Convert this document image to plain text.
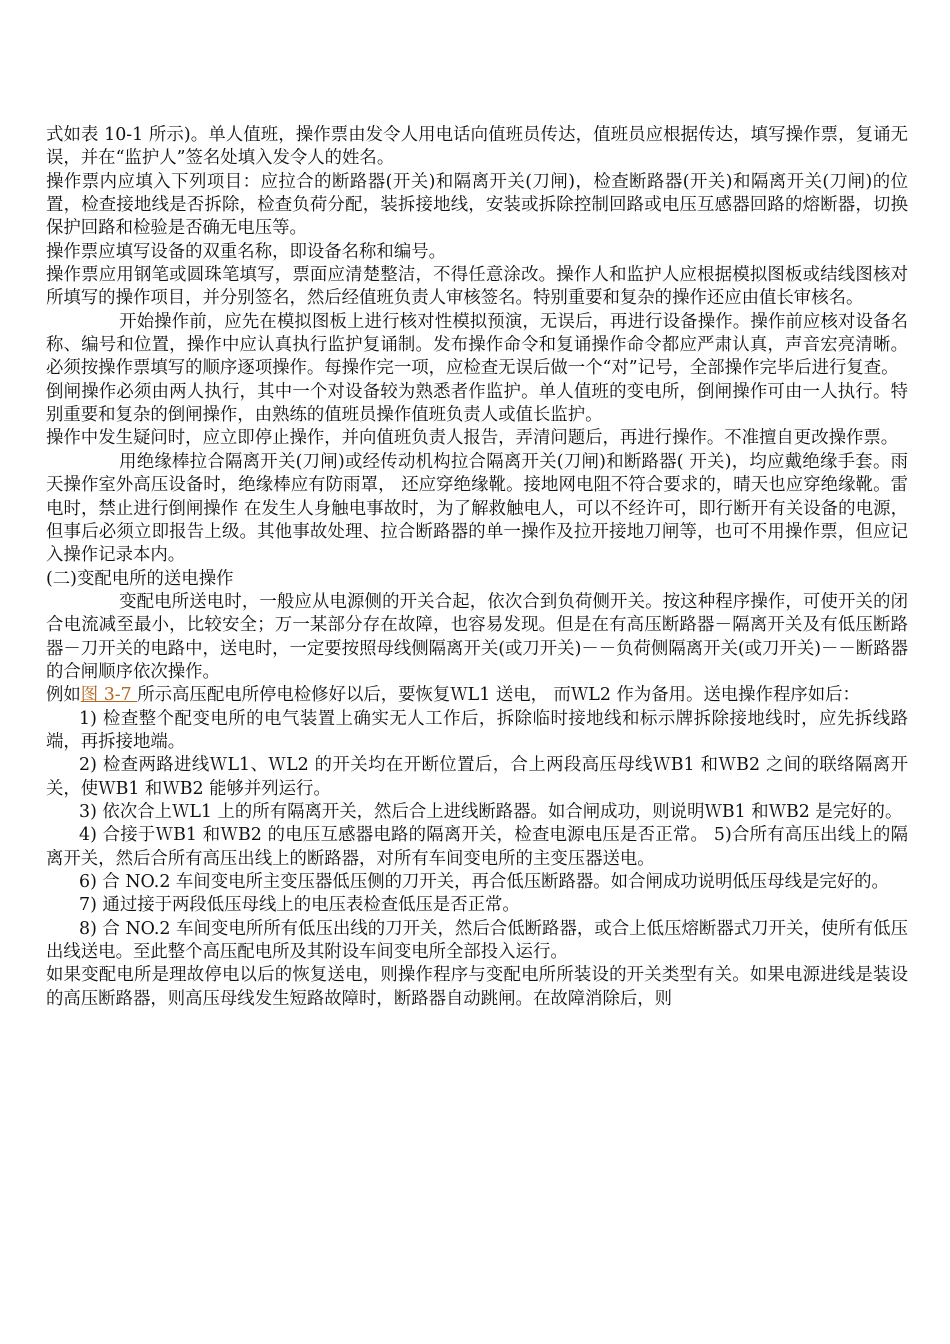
式如表 10-1 所示)。单人值班，操作票由发令人用电话向值班员传达，值班员应根据传达，填写操作票，复诵无误，并在“监护人”签名处填入发令人的姓名。

操作票内应填入下列项目：应拉合的断路器(开关)和隔离开关(刀闸)，检查断路器(开关)和隔离开关(刀闸)的位置，检查接地线是否拆除，检查负荷分配，装拆接地线，安装或拆除控制回路或电压互感器回路的熔断器，切换保护回路和检验是否确无电压等。

操作票应填写设备的双重名称，即设备名称和编号。

操作票应用钢笔或圆珠笔填写，票面应清楚整洁，不得任意涂改。操作人和监护人应根据模拟图板或结线图核对所填写的操作项目，并分别签名，然后经值班负责人审核签名。特别重要和复杂的操作还应由值长审核名。

开始操作前，应先在模拟图板上进行核对性模拟预演，无误后，再进行设备操作。操作前应核对设备名称、编号和位置，操作中应认真执行监护复诵制。发布操作命令和复诵操作命令都应严肃认真，声音宏亮清晰。必须按操作票填写的顺序逐项操作。每操作完一项，应检查无误后做一个“对”记号，全部操作完毕后进行复查。

倒闸操作必须由两人执行，其中一个对设备较为熟悉者作监护。单人值班的变电所，倒闸操作可由一人执行。特别重要和复杂的倒闸操作，由熟练的值班员操作值班负责人或值长监护。

操作中发生疑问时，应立即停止操作，并向值班负责人报告，弄清问题后，再进行操作。不准擅自更改操作票。

用绝缘棒拉合隔离开关(刀闸)或经传动机构拉合隔离开关(刀闸)和断路器( 开关)，均应戴绝缘手套。雨天操作室外高压设备时，绝缘棒应有防雨罩， 还应穿绝缘靴。接地网电阻不符合要求的，晴天也应穿绝缘靴。雷电时，禁止进行倒闸操作 在发生人身触电事故时，为了解救触电人，可以不经许可，即行断开有关设备的电源，但事后必须立即报告上级。其他事故处理、拉合断路器的单一操作及拉开接地刀闸等，也可不用操作票，但应记入操作记录本内。

(二)变配电所的送电操作

变配电所送电时，一般应从电源侧的开关合起，依次合到负荷侧开关。按这种程序操作，可使开关的闭合电流减至最小，比较安全；万一某部分存在故障，也容易发现。但是在有高压断路器－隔离开关及有低压断路器－刀开关的电路中，送电时，一定要按照母线侧隔离开关(或刀开关)－－负荷侧隔离开关(或刀开关)－－断路器的合闸顺序依次操作。

例如图 3-7 所示高压配电所停电检修好以后，要恢复ＷL1 送电， 而ＷL2 作为备用。送电操作程序如后：

1) 检查整个配变电所的电气装置上确实无人工作后，拆除临时接地线和标示牌拆除接地线时，应先拆线路端，再拆接地端。

2) 检查两路进线ＷL1、ＷL2 的开关均在开断位置后，合上两段高压母线ＷB1 和ＷB2 之间的联络隔离开关，使ＷB1 和ＷB2 能够并列运行。

3) 依次合上ＷL1 上的所有隔离开关，然后合上进线断路器。如合闸成功，则说明ＷB1 和ＷB2 是完好的。

4) 合接于ＷB1 和ＷB2 的电压互感器电路的隔离开关，检查电源电压是否正常。 5)合所有高压出线上的隔离开关，然后合所有高压出线上的断路器，对所有车间变电所的主变压器送电。

6) 合 NO.2 车间变电所主变压器低压侧的刀开关，再合低压断路器。如合闸成功说明低压母线是完好的。

7) 通过接于两段低压母线上的电压表检查低压是否正常。

8) 合 NO.2 车间变电所所有低压出线的刀开关，然后合低断路器，或合上低压熔断器式刀开关，使所有低压出线送电。至此整个高压配电所及其附设车间变电所全部投入运行。

如果变配电所是理故停电以后的恢复送电，则操作程序与变配电所所装设的开关类型有关。如果电源进线是装设的高压断路器，则高压母线发生短路故障时，断路器自动跳闸。在故障消除后，则
